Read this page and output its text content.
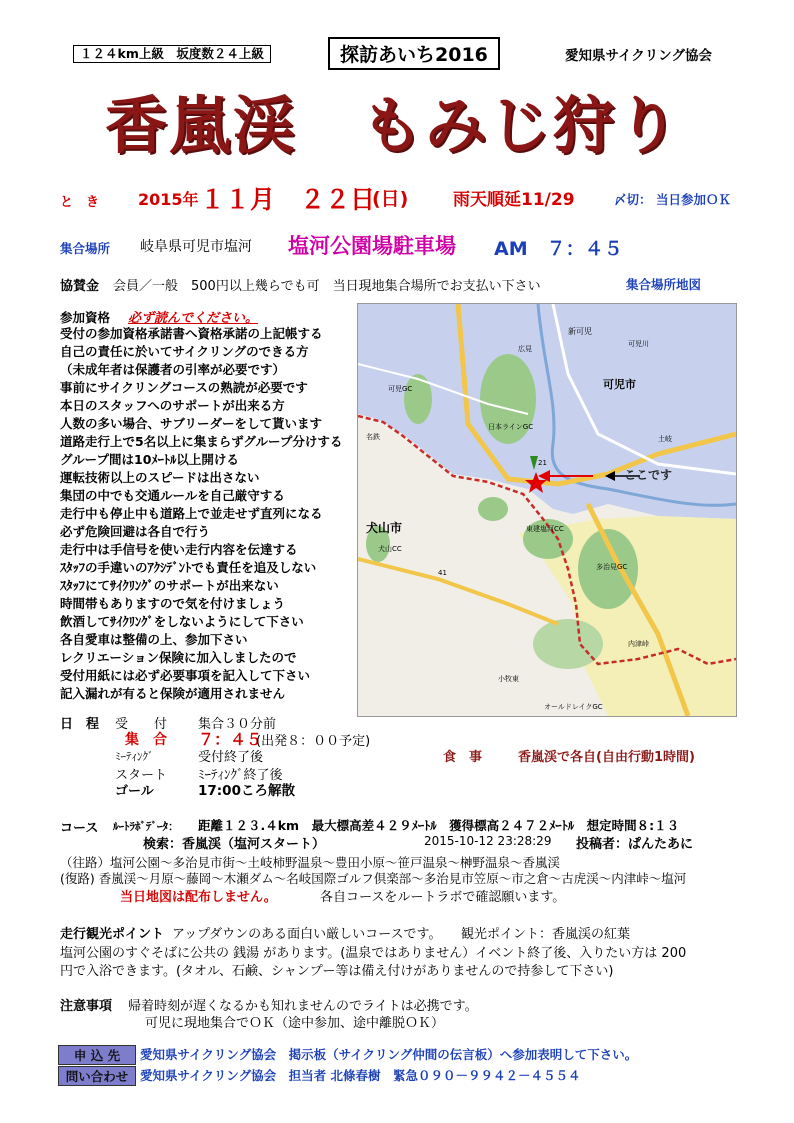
１２４km上級　坂度数２４上級	探訪あいち2016	愛知県サイクリング協会
香嵐渓　もみじ狩り
と　き 2015年 １１月　２２日
(日)	雨天順延11/29	〆切： 当日参加ＯＫ
集合場所 岐阜県可児市塩河 塩河公園場駐車場 AM　７：４５
協賛金 会員／一般　500円以上幾らでも可　当日現地集合場所でお支払い下さい	集合場所地図
参加資格 必ず読んでください。
受付の参加資格承諾書へ資格承諾の上記帳する
自己の責任に於いてサイクリングのできる方
（未成年者は保護者の引率が必要です）
事前にサイクリングコースの熟読が必要です
本日のスタッフへのサポートが出来る方
人数の多い場合、サブリーダーをして貰います
道路走行上で5名以上に集まらずグループ分けする
グループ間は10ﾒｰﾄﾙ以上開ける
運転技術以上のスピードは出さない
集団の中でも交通ルールを自己厳守する
走行中も停止中も道路上で並走せず直列になる
必ず危険回避は各自で行う
走行中は手信号を使い走行内容を伝達する
ｽﾀｯﾌの手違いのｱｸｼﾃﾞﾝﾄでも責任を追及しない
ｽﾀｯﾌにてｻｲｸﾘﾝｸﾞのサポートが出来ない
時間帯もありますので気を付けましょう
飲酒してｻｲｸﾘﾝｸﾞをしないようにして下さい
各自愛車は整備の上、参加下さい
レクリエーション保険に加入しましたので
受付用紙には必ず必要事項を記入して下さい
記入漏れが有ると保険が適用されません
可児市
犬山市
ここです
新可児
日本ラインGC
多治見GC
可児GC
東建塩河CC
犬山CC
オールドレイクGC
名鉄	土岐
可児川
広見
内津峠
小牧東
21
41
日　程 受　　付 集合３０分前
集　合 ７：４５
(出発８：００予定)
ﾐｰﾃｨﾝｸﾞ	受付終了後
スタート ﾐｰﾃｨﾝｸﾞ終了後
ゴール	17:00ころ解散
食　事	香嵐渓で各自(自由行動1時間)
コース ﾙｰﾄﾗﾎﾞﾃﾞｰﾀ： 距離１２３.４km　最大標高差４２９ﾒｰﾄﾙ　獲得標高２４７２ﾒｰﾄﾙ　想定時間８:１３
検索：香嵐渓（塩河スタート）	2015-10-12 23:28:29 投稿者：ぱんたあに
（往路）塩河公園～多治見市街～土岐柿野温泉～豊田小原～笹戸温泉～榊野温泉～香嵐渓
(復路) 香嵐渓～月原～藤岡～木瀬ダム～名岐国際ゴルフ倶楽部～多治見市笠原～市之倉～古虎渓～内津峠～塩河
当日地図は配布しません。	各自コースをルートラボで確認願います。
走行観光ポイント アップダウンのある面白い厳しいコースです。　　観光ポイント：香嵐渓の紅葉
塩河公園のすぐそばに公共の 銭湯 があります。(温泉ではありません）イベント終了後、入りたい方は 200
円で入浴できます。(タオル、石鹸、シャンプー等は備え付けがありませんので持参して下さい)
注意事項 帰着時刻が遅くなるかも知れませんのでライトは必携です。
可児に現地集合でＯＫ（途中参加、途中離脱ＯＫ）
申 込 先	愛知県サイクリング協会　掲示板（サイクリング仲間の伝言板）へ参加表明して下さい。
問い合わせ 愛知県サイクリング協会　担当者 北條春樹　緊急０９０－９９４２－４５５４
